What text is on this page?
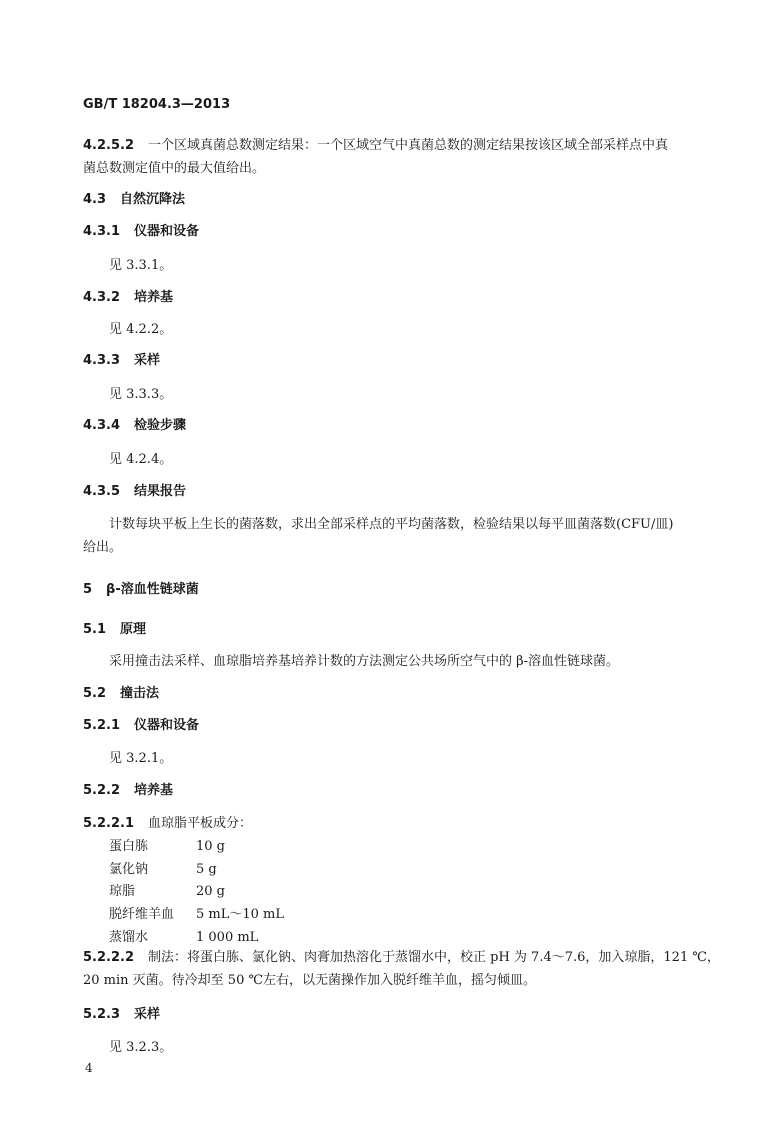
GB/T 18204.3—2013
4.2.5.2 一个区域真菌总数测定结果：一个区域空气中真菌总数的测定结果按该区域全部采样点中真
菌总数测定值中的最大值给出。
4.3 自然沉降法
4.3.1 仪器和设备
见 3.3.1。
4.3.2 培养基
见 4.2.2。
4.3.3 采样
见 3.3.3。
4.3.4 检验步骤
见 4.2.4。
4.3.5 结果报告
计数每块平板上生长的菌落数，求出全部采样点的平均菌落数，检验结果以每平皿菌落数(CFU/皿)
给出。
5 β-溶血性链球菌
5.1 原理
采用撞击法采样、血琼脂培养基培养计数的方法测定公共场所空气中的 β-溶血性链球菌。
5.2 撞击法
5.2.1 仪器和设备
见 3.2.1。
5.2.2 培养基
5.2.2.1 血琼脂平板成分：
蛋白胨	10 g
氯化钠	5 g
琼脂	20 g
脱纤维羊血 5 mL～10 mL
蒸馏水	1 000 mL
5.2.2.2 制法：将蛋白胨、氯化钠、肉膏加热溶化于蒸馏水中，校正 pH 为 7.4～7.6，加入琼脂，121 ℃，
20 min 灭菌。待冷却至 50 ℃左右，以无菌操作加入脱纤维羊血，摇匀倾皿。
5.2.3 采样
见 3.2.3。
4
